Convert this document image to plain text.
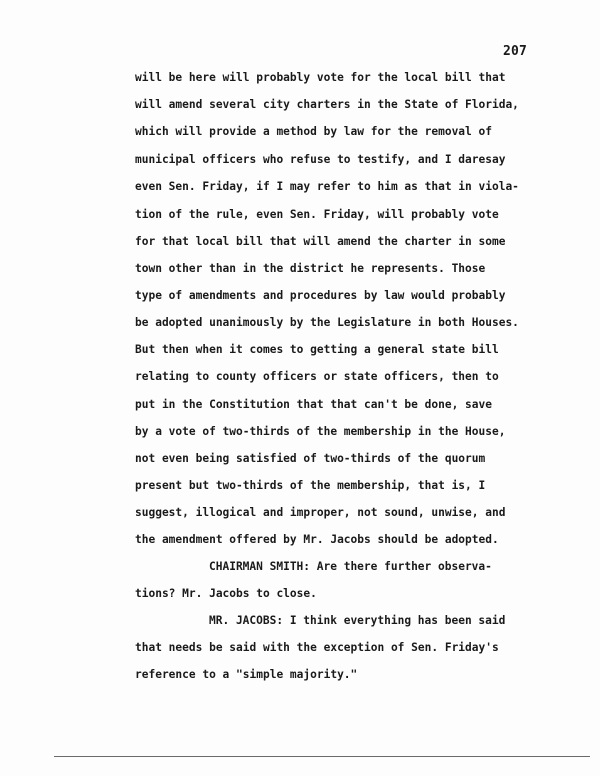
207
will be here will probably vote for the local bill that
will amend several city charters in the State of Florida,
which will provide a method by law for the removal of
municipal officers who refuse to testify, and I daresay
even Sen. Friday, if I may refer to him as that in viola-
tion of the rule, even Sen. Friday, will probably vote
for that local bill that will amend the charter in some
town other than in the district he represents. Those
type of amendments and procedures by law would probably
be adopted unanimously by the Legislature in both Houses.
But then when it comes to getting a general state bill
relating to county officers or state officers, then to
put in the Constitution that that can't be done, save
by a vote of two-thirds of the membership in the House,
not even being satisfied of two-thirds of the quorum
present but two-thirds of the membership, that is, I
suggest, illogical and improper, not sound, unwise, and
the amendment offered by Mr. Jacobs should be adopted.
CHAIRMAN SMITH: Are there further observa-
tions? Mr. Jacobs to close.
MR. JACOBS: I think everything has been said
that needs be said with the exception of Sen. Friday's
reference to a "simple majority."
